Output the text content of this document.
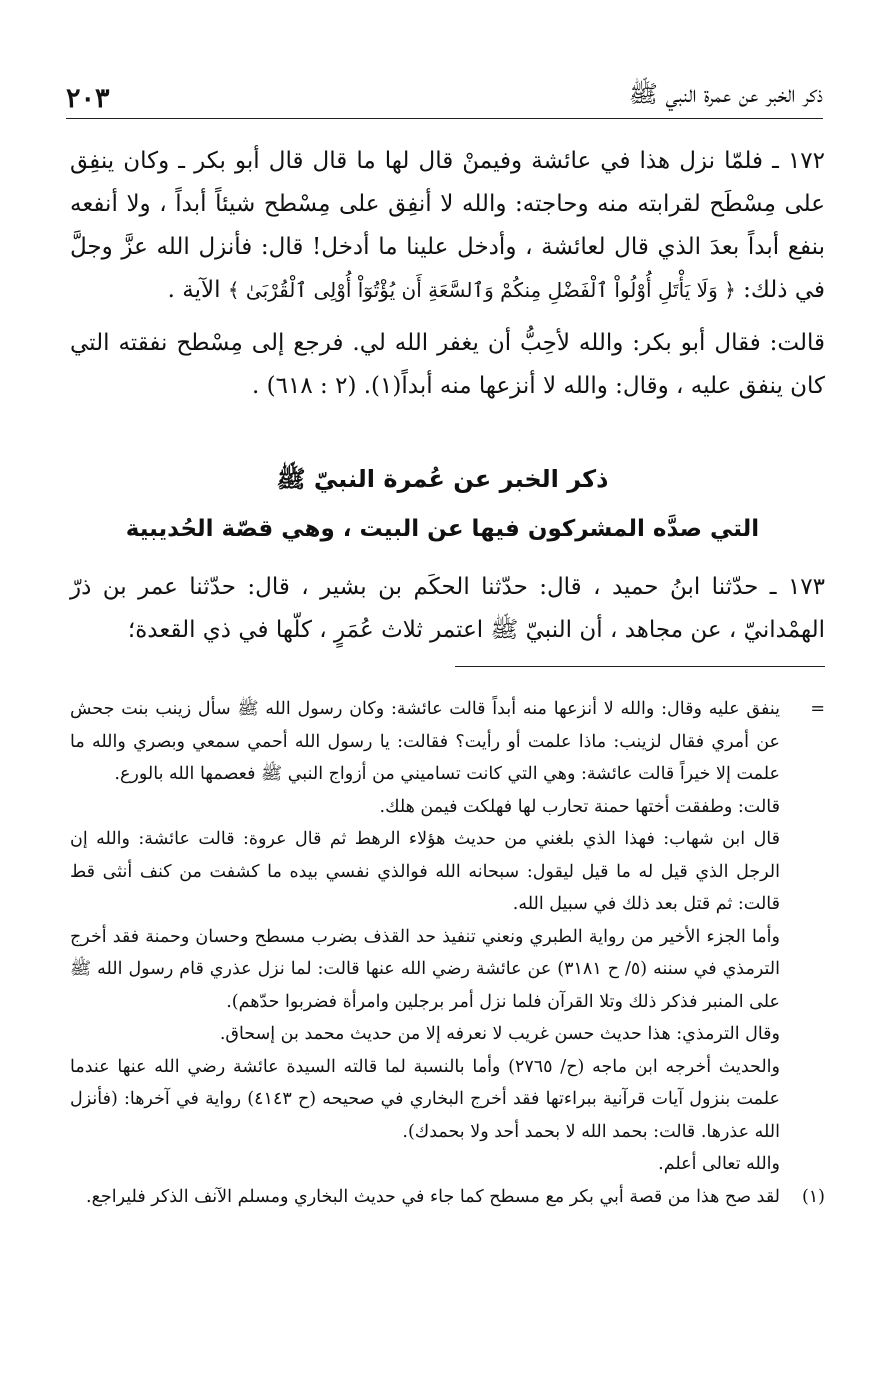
ذكر الخبر عن عمرة النبي ﷺ
٢٠٣

١٧٢ ـ فلمّا نزل هذا في عائشة وفيمنْ قال لها ما قال قال أبو بكر ـ وكان ينفِق على مِسْطَح لقرابته منه وحاجته: والله لا أنفِق على مِسْطح شيئاً أبداً ، ولا أنفعه بنفع أبداً بعدَ الذي قال لعائشة ، وأدخل علينا ما أدخل! قال: فأنزل الله عزَّ وجلَّ في ذلك: ﴿ وَلَا يَأْتَلِ أُوْلُواْ ٱلْفَضْلِ مِنكُمْ وَٱلسَّعَةِ أَن يُؤْتُوٓاْ أُوْلِى ٱلْقُرْبَىٰ ﴾ الآية .

قالت: فقال أبو بكر: والله لأحِبُّ أن يغفر الله لي. فرجع إلى مِسْطح نفقته التي كان ينفق عليه ، وقال: والله لا أنزعها منه أبداً(١). (٢ : ٦١٨) .

ذكر الخبر عن عُمرة النبيّ ﷺ
التي صدَّه المشركون فيها عن البيت ، وهي قصّة الحُديبية

١٧٣ ـ حدّثنا ابنُ حميد ، قال: حدّثنا الحكَم بن بشير ، قال: حدّثنا عمر بن ذرّ الهمْدانيّ ، عن مجاهد ، أن النبيّ ﷺ اعتمر ثلاث عُمَرٍ ، كلّها في ذي القعدة؛

=

ينفق عليه وقال: والله لا أنزعها منه أبداً قالت عائشة: وكان رسول الله ﷺ سأل زينب بنت جحش عن أمري فقال لزينب: ماذا علمت أو رأيت؟ فقالت: يا رسول الله أحمي سمعي وبصري والله ما علمت إلا خيراً قالت عائشة: وهي التي كانت تساميني من أزواج النبي ﷺ فعصمها الله بالورع.

قالت: وطفقت أختها حمنة تحارب لها فهلكت فيمن هلك.

قال ابن شهاب: فهذا الذي بلغني من حديث هؤلاء الرهط ثم قال عروة: قالت عائشة: والله إن الرجل الذي قيل له ما قيل ليقول: سبحانه الله فوالذي نفسي بيده ما كشفت من كنف أنثى قط قالت: ثم قتل بعد ذلك في سبيل الله.

وأما الجزء الأخير من رواية الطبري ونعني تنفيذ حد القذف بضرب مسطح وحسان وحمنة فقد أخرج الترمذي في سننه (٥/ ح ٣١٨١) عن عائشة رضي الله عنها قالت: لما نزل عذري قام رسول الله ﷺ على المنبر فذكر ذلك وتلا القرآن فلما نزل أمر برجلين وامرأة فضربوا حدّهم).

وقال الترمذي: هذا حديث حسن غريب لا نعرفه إلا من حديث محمد بن إسحاق.

والحديث أخرجه ابن ماجه (ح/ ٢٧٦٥) وأما بالنسبة لما قالته السيدة عائشة رضي الله عنها عندما علمت بنزول آيات قرآنية ببراءتها فقد أخرج البخاري في صحيحه (ح ٤١٤٣) رواية في آخرها: (فأنزل الله عذرها. قالت: بحمد الله لا بحمد أحد ولا بحمدك).

والله تعالى أعلم.

(١)

لقد صح هذا من قصة أبي بكر مع مسطح كما جاء في حديث البخاري ومسلم الآنف الذكر فليراجع.
